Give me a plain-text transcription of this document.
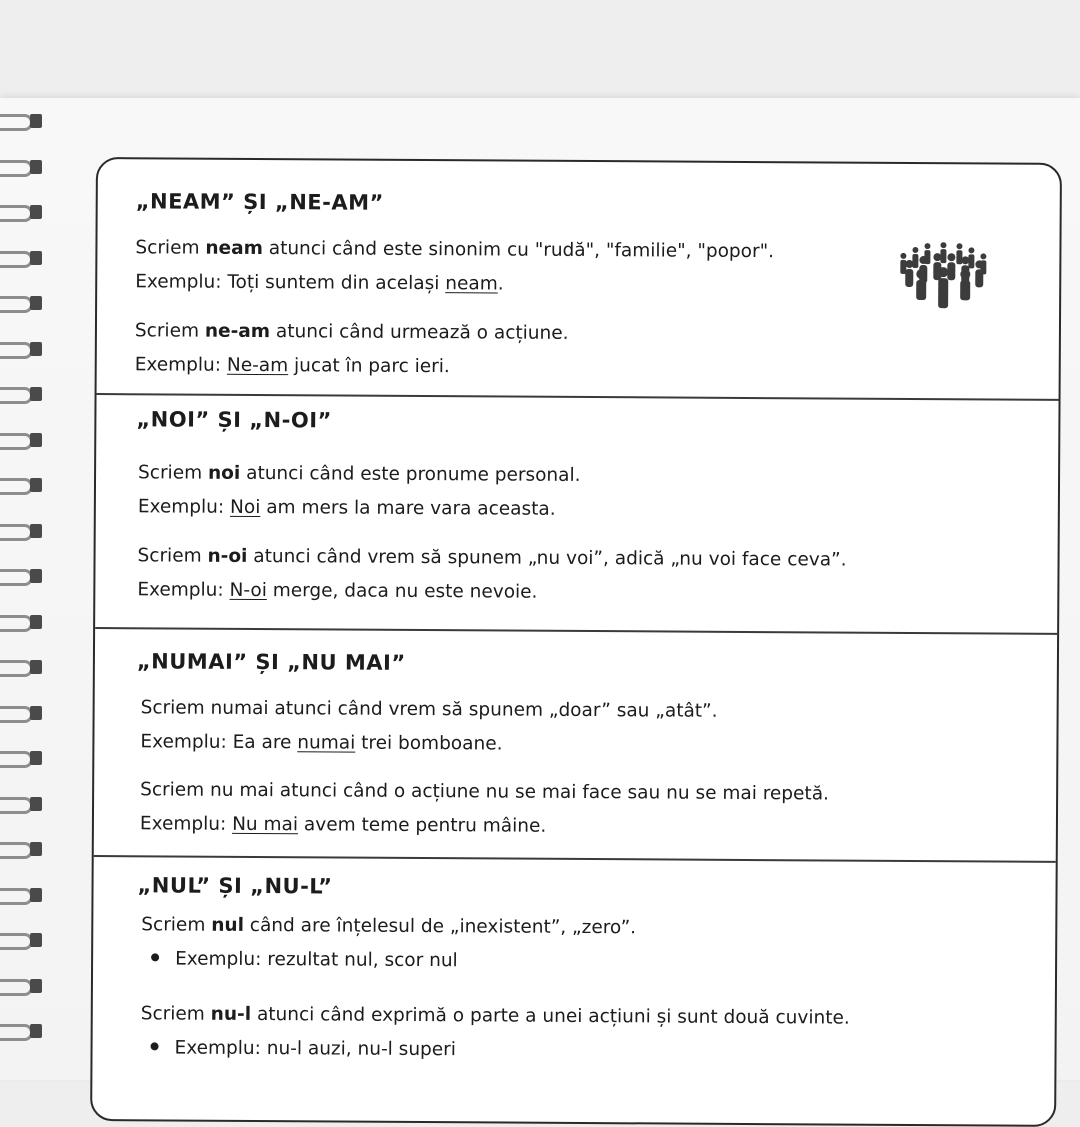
„NEAM” ȘI „NE-AM”
Scriem neam atunci când este sinonim cu "rudă", "familie", "popor".
Exemplu: Toți suntem din același neam.
Scriem ne-am atunci când urmează o acțiune.
Exemplu: Ne-am jucat în parc ieri.
„NOI” ȘI „N-OI”
Scriem noi atunci când este pronume personal.
Exemplu: Noi am mers la mare vara aceasta.
Scriem n-oi atunci când vrem să spunem „nu voi”, adică „nu voi face ceva”.
Exemplu: N-oi merge, daca nu este nevoie.
„NUMAI” ȘI „NU MAI”
Scriem numai atunci când vrem să spunem „doar” sau „atât”.
Exemplu: Ea are numai trei bomboane.
Scriem nu mai atunci când o acțiune nu se mai face sau nu se mai repetă.
Exemplu: Nu mai avem teme pentru mâine.
„NUL” ȘI „NU-L”
Scriem nul când are înțelesul de „inexistent”, „zero”.
Exemplu: rezultat nul, scor nul
Scriem nu-l atunci când exprimă o parte a unei acțiuni și sunt două cuvinte.
Exemplu: nu-l auzi, nu-l superi
